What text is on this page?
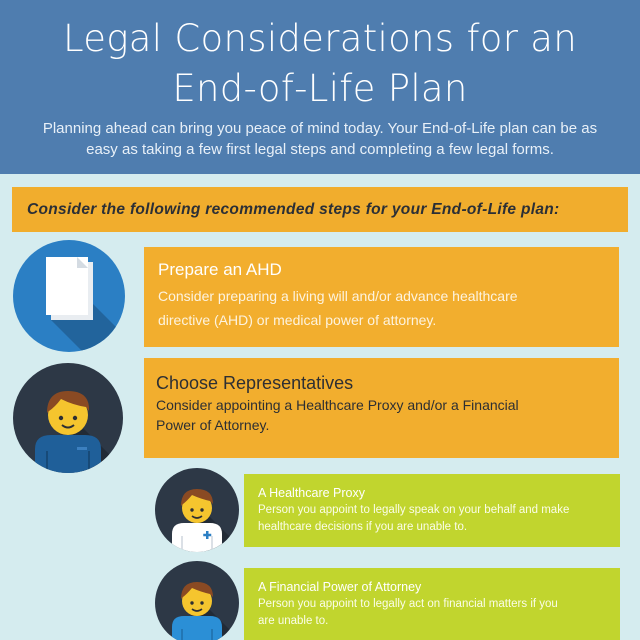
Legal Considerations for an
End-of-Life Plan
Planning ahead can bring you peace of mind today. Your End-of-Life plan can be as
easy as taking a few first legal steps and completing a few legal forms.
Consider the following recommended steps for your End-of-Life plan:
Prepare an AHD
Consider preparing a living will and/or advance healthcare
directive (AHD) or medical power of attorney.
Choose Representatives
Consider appointing a Healthcare Proxy and/or a Financial
Power of Attorney.
A Healthcare Proxy
Person you appoint to legally speak on your behalf and make
healthcare decisions if you are unable to.
A Financial Power of Attorney
Person you appoint to legally act on financial matters if you
are unable to.
